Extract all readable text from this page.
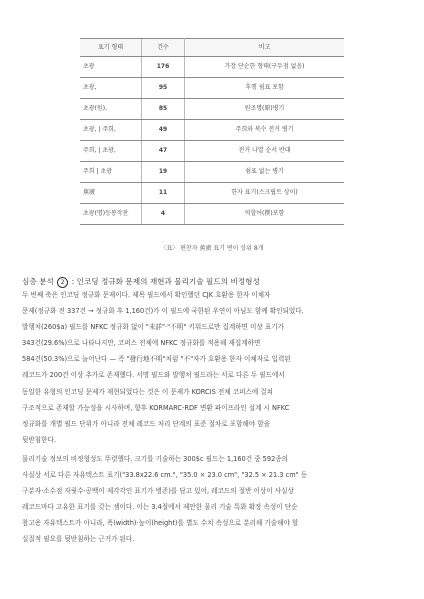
표기 형태	건수	비고
초광	176	가장 단순한 형태(구두점 없음)
초광,	95	후행 쉼표 포함
초광(원),	85	원조명(原)병기
초광, | 주희,	49	주희와 복수 전거 병기
주희, | 초광,	47	전거 나열 순서 반대
주희 | 초광	19	쉼표 없는 병기
蕉廣	11	한자 표기(스크립트 상이)
초광(명)등봉작찬	4	역할어(撰)포함
〈표〉 편찬자 蕉廣 표기 변이 상위 8개
심층 분석 2 : 인코딩 정규화 문제의 재현과 물리기술 필드의 비정형성
두 번째 축은 인코딩 정규화 문제이다. 제목 필드에서 확인했던 CJK 호환용 한자 이체자
문제(정규화 전 337건 → 정규화 후 1,160건)가 이 필드에 국한된 우연이 아님도 함께 확인되었다.
발행처(260$a) 필드를 NFKC 정규화 없이 "未詳"·"不明" 키워드로만 집계하면 미상 표기가
343건(29.6%)으로 나타나지만, 코퍼스 전체에 NFKC 정규화를 적용해 재집계하면
584건(50.3%)으로 늘어난다 — 즉 "發行地不明"처럼 "不"자가 호환용 한자 이체자로 입력된
레코드가 200건 이상 추가로 존재했다. 서명 필드와 발행처 필드라는 서로 다른 두 필드에서
동일한 유형의 인코딩 문제가 재현되었다는 것은 이 문제가 KORCIS 전체 코퍼스에 걸쳐
구조적으로 존재할 가능성을 시사하며, 향후 KORMARC-RDF 변환 파이프라인 설계 시 NFKC
정규화를 개별 필드 단위가 아니라 전체 레코드 처리 단계의 표준 절차로 포함해야 함을
뒷받침한다.
물리기술 정보의 비정형성도 뚜렷했다. 크기를 기술하는 300$c 필드는 1,160건 중 592종의
사실상 서로 다른 자유텍스트 표기("33.8x22.6 cm.", "35.0 × 23.0 cm", "32.5 × 21.3 cm" 등
구분자·소수점 자릿수·공백이 제각각인 표기가 병존)를 담고 있어, 레코드의 절반 이상이 사실상
레코드마다 고유한 표기를 갖는 셈이다. 이는 3.4절에서 제안한 물리 기술 특화 확장 속성이 단순
참고용 자유텍스트가 아니라, 폭(width)·높이(height)를 별도 수치 속성으로 분리해 기술해야 할
실질적 필요를 뒷받침하는 근거가 된다.
